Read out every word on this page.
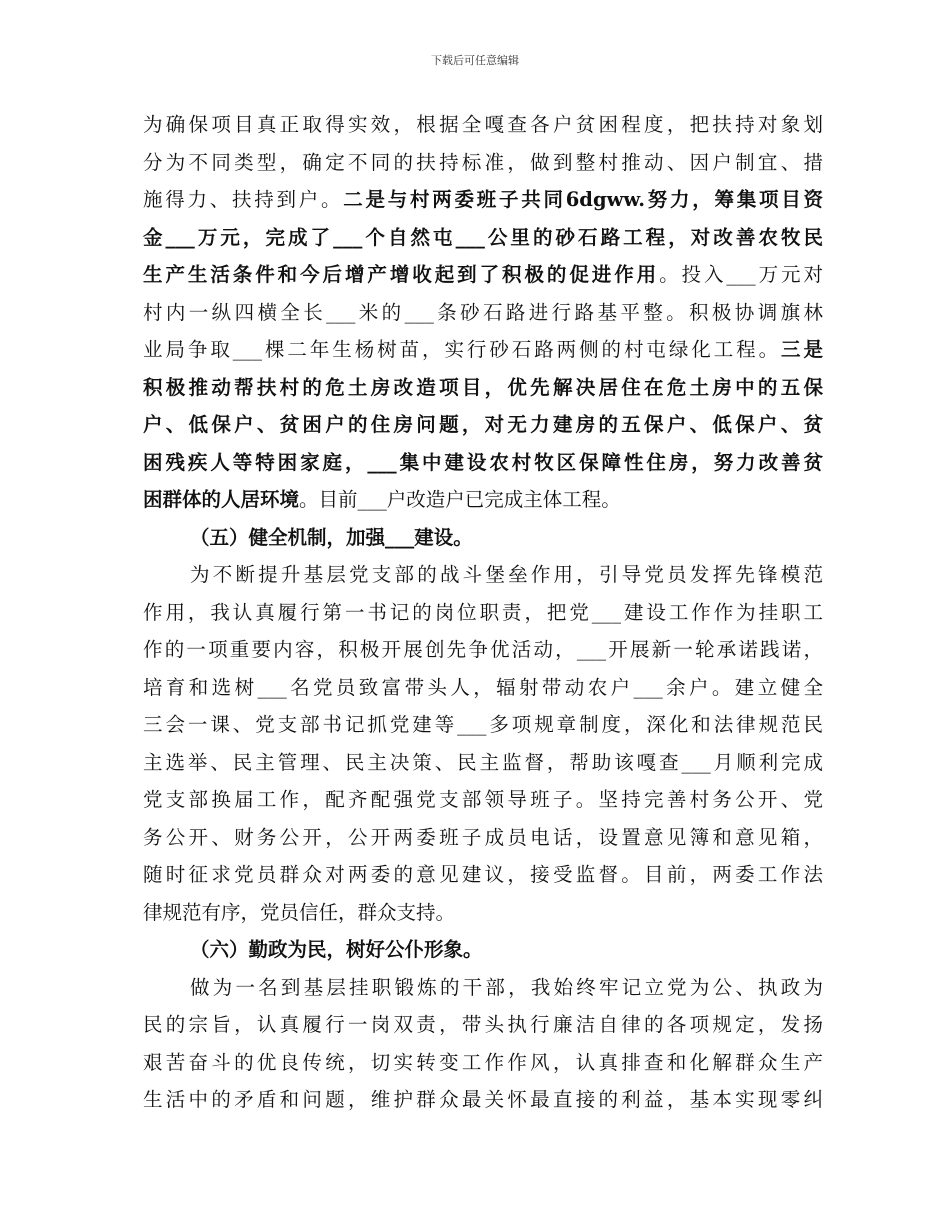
下载后可任意编辑
为确保项目真正取得实效，根据全嘎查各户贫困程度，把扶持对象划
分为不同类型，确定不同的扶持标准，做到整村推动、因户制宜、措
施得力、扶持到户。二是与村两委班子共同6dgww.努力，筹集项目资
金___万元，完成了___个自然屯___公里的砂石路工程，对改善农牧民
生产生活条件和今后增产增收起到了积极的促进作用。投入___万元对
村内一纵四横全长___米的___条砂石路进行路基平整。积极协调旗林
业局争取___棵二年生杨树苗，实行砂石路两侧的村屯绿化工程。三是
积极推动帮扶村的危土房改造项目，优先解决居住在危土房中的五保
户、低保户、贫困户的住房问题，对无力建房的五保户、低保户、贫
困残疾人等特困家庭，___集中建设农村牧区保障性住房，努力改善贫
困群体的人居环境。目前___户改造户已完成主体工程。
（五）健全机制，加强___建设。
为不断提升基层党支部的战斗堡垒作用，引导党员发挥先锋模范
作用，我认真履行第一书记的岗位职责，把党___建设工作作为挂职工
作的一项重要内容，积极开展创先争优活动，___开展新一轮承诺践诺，
培育和选树___名党员致富带头人，辐射带动农户___余户。建立健全
三会一课、党支部书记抓党建等___多项规章制度，深化和法律规范民
主选举、民主管理、民主决策、民主监督，帮助该嘎查___月顺利完成
党支部换届工作，配齐配强党支部领导班子。坚持完善村务公开、党
务公开、财务公开，公开两委班子成员电话，设置意见簿和意见箱，
随时征求党员群众对两委的意见建议，接受监督。目前，两委工作法
律规范有序，党员信任，群众支持。
（六）勤政为民，树好公仆形象。
做为一名到基层挂职锻炼的干部，我始终牢记立党为公、执政为
民的宗旨，认真履行一岗双责，带头执行廉洁自律的各项规定，发扬
艰苦奋斗的优良传统，切实转变工作作风，认真排查和化解群众生产
生活中的矛盾和问题，维护群众最关怀最直接的利益，基本实现零纠
